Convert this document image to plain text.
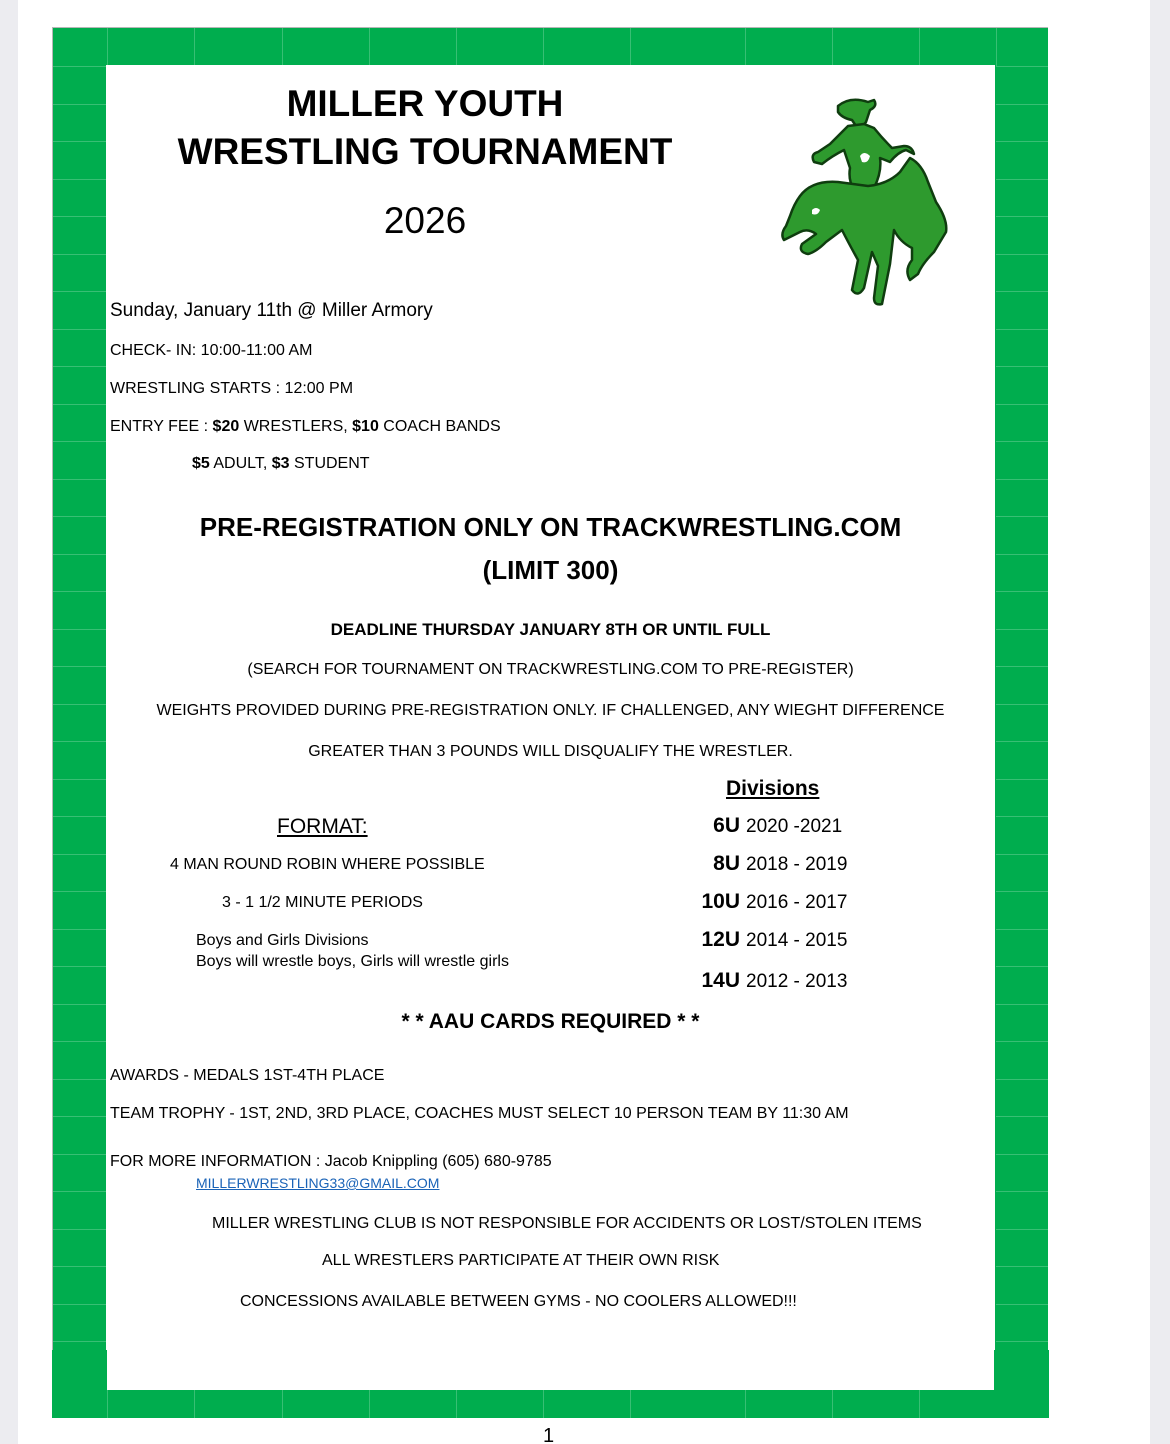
MILLER YOUTH
WRESTLING TOURNAMENT
2026
Sunday, January 11th @ Miller Armory
CHECK- IN: 10:00-11:00 AM
WRESTLING STARTS : 12:00 PM
ENTRY FEE : $20 WRESTLERS, $10 COACH BANDS
$5 ADULT, $3 STUDENT
PRE-REGISTRATION ONLY ON TRACKWRESTLING.COM
(LIMIT 300)
DEADLINE THURSDAY JANUARY 8TH OR UNTIL FULL
(SEARCH FOR TOURNAMENT ON TRACKWRESTLING.COM TO PRE-REGISTER)
WEIGHTS PROVIDED DURING PRE-REGISTRATION ONLY. IF CHALLENGED, ANY WIEGHT DIFFERENCE
GREATER THAN 3 POUNDS WILL DISQUALIFY THE WRESTLER.
FORMAT:
4 MAN ROUND ROBIN WHERE POSSIBLE
3 - 1 1/2 MINUTE PERIODS
Boys and Girls Divisions
Boys will wrestle boys, Girls will wrestle girls
Divisions
6U 2020 -2021
8U 2018 - 2019
10U 2016 - 2017
12U 2014 - 2015
14U 2012 - 2013
* * AAU CARDS REQUIRED * *
AWARDS - MEDALS 1ST-4TH PLACE
TEAM TROPHY - 1ST, 2ND, 3RD PLACE, COACHES MUST SELECT 10 PERSON TEAM BY 11:30 AM
FOR MORE INFORMATION : Jacob Knippling (605) 680-9785
MILLERWRESTLING33@GMAIL.COM
MILLER WRESTLING CLUB IS NOT RESPONSIBLE FOR ACCIDENTS OR LOST/STOLEN ITEMS
ALL WRESTLERS PARTICIPATE AT THEIR OWN RISK
CONCESSIONS AVAILABLE BETWEEN GYMS - NO COOLERS ALLOWED!!!
1
